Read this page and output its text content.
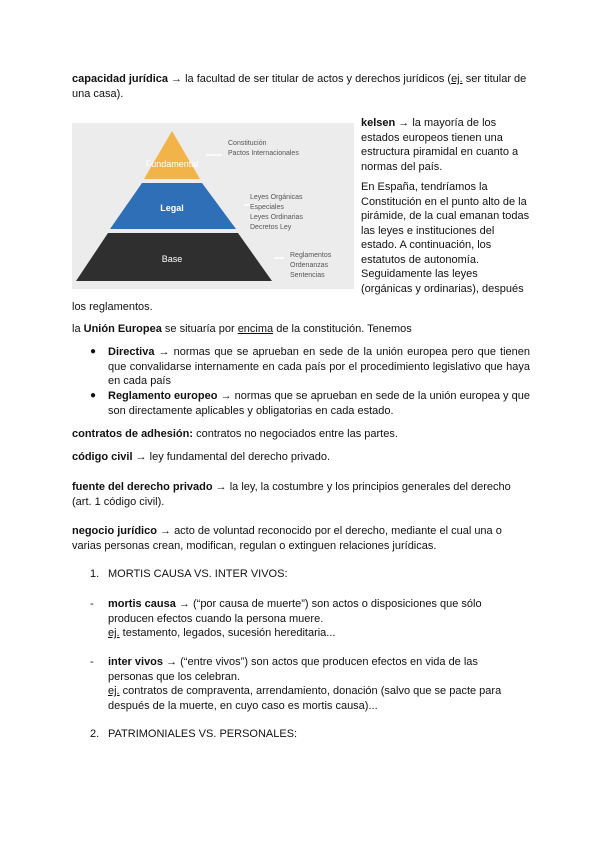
capacidad jurídica → la facultad de ser titular de actos y derechos jurídicos (ej. ser titular de una casa).

Fundamental
Legal
Base
Constitución
Pactos Internacionales
Leyes Orgánicas
Especiales
Leyes Ordinarias
Decretos Ley
Reglamentos
Ordenanzas
Sentencias

kelsen → la mayoría de los estados europeos tienen una estructura piramidal en cuanto a normas del país.

En España, tendríamos la Constitución en el punto alto de la pirámide, de la cual emanan todas las leyes e instituciones del estado. A continuación, los estatutos de autonomía. Seguidamente las leyes (orgánicas y ordinarias), después

los reglamentos.

la Unión Europea se situaría por encima de la constitución. Tenemos

●	Directiva → normas que se aprueban en sede de la unión europea pero que tienen que convalidarse internamente en cada país por el procedimiento legislativo que haya en cada país
●	Reglamento europeo → normas que se aprueban en sede de la unión europea y que son directamente aplicables y obligatorias en cada estado.

contratos de adhesión: contratos no negociados entre las partes.

código civil → ley fundamental del derecho privado.

fuente del derecho privado → la ley, la costumbre y los principios generales del derecho (art. 1 código civil).

negocio jurídico → acto de voluntad reconocido por el derecho, mediante el cual una o varias personas crean, modifican, regulan o extinguen relaciones jurídicas.

1. MORTIS CAUSA VS. INTER VIVOS:
-	mortis causa → (“por causa de muerte”) son actos o disposiciones que sólo producen efectos cuando la persona muere.
ej. testamento, legados, sucesión hereditaria...
-	inter vivos → (“entre vivos”) son actos que producen efectos en vida de las personas que los celebran.
ej. contratos de compraventa, arrendamiento, donación (salvo que se pacte para después de la muerte, en cuyo caso es mortis causa)...
2. PATRIMONIALES VS. PERSONALES:
